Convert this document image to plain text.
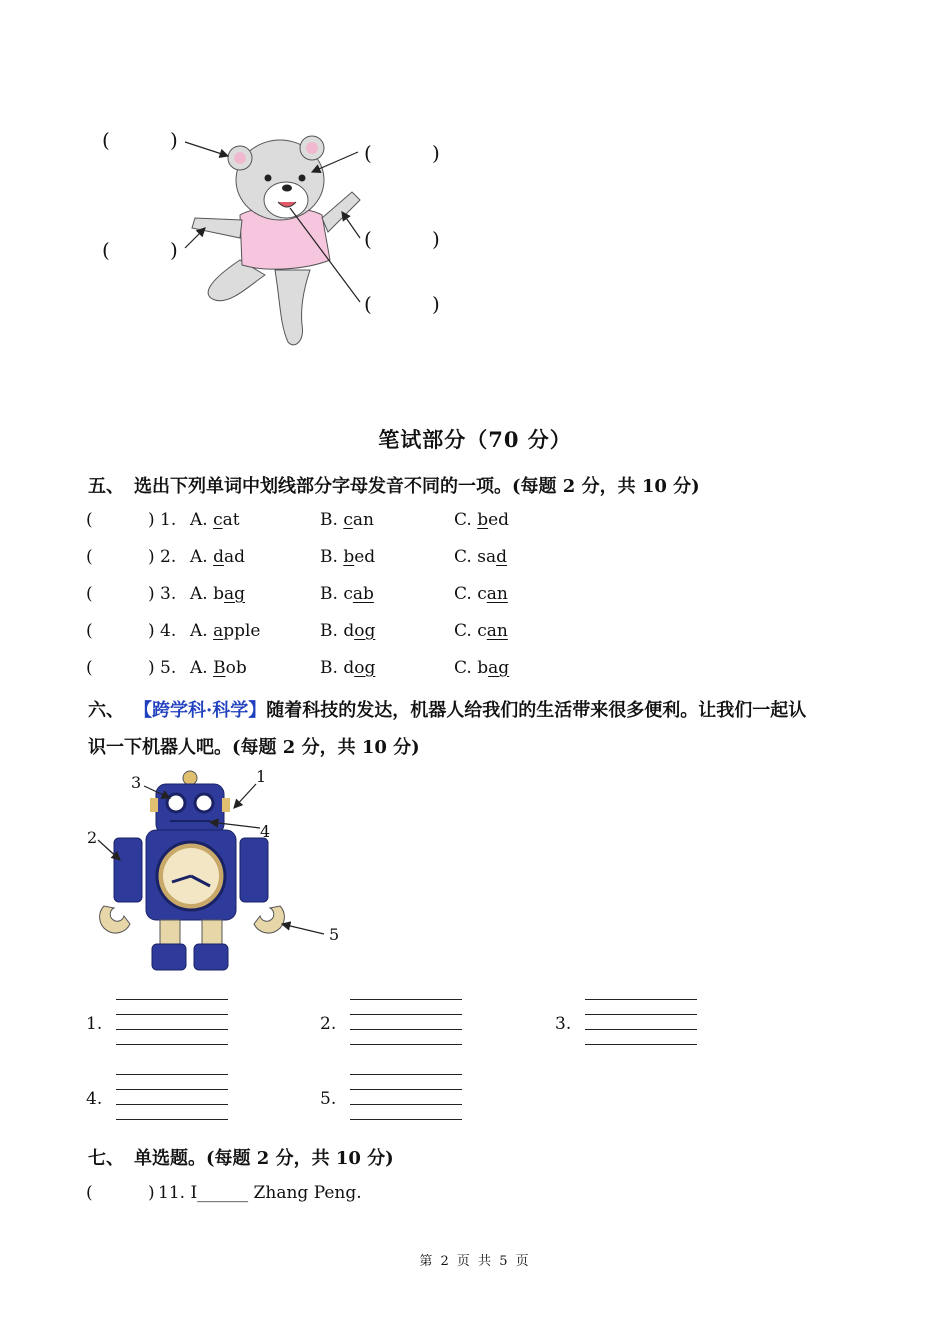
(	)
(	)
(	)	(	)
(	)
笔试部分（70 分）
五、 选出下列单词中划线部分字母发音不同的一项。(每题 2 分，共 10 分)
(	) 1. A. cat	B. can	C. bed
(	) 2. A. dad	B. bed	C. sad
(	) 3. A. bag	B. cab	C. can
(	) 4. A. apple	B. dog	C. can
(	) 5. A. Bob	B. dog	C. bag
六、 【跨学科·科学】随着科技的发达，机器人给我们的生活带来很多便利。让我们一起认
识一下机器人吧。(每题 2 分，共 10 分)
1
2
3
4
5
1.	2.	3.
4.	5.
七、 单选题。(每题 2 分，共 10 分)
(	) 11. I______ Zhang Peng.
第 2 页 共 5 页
